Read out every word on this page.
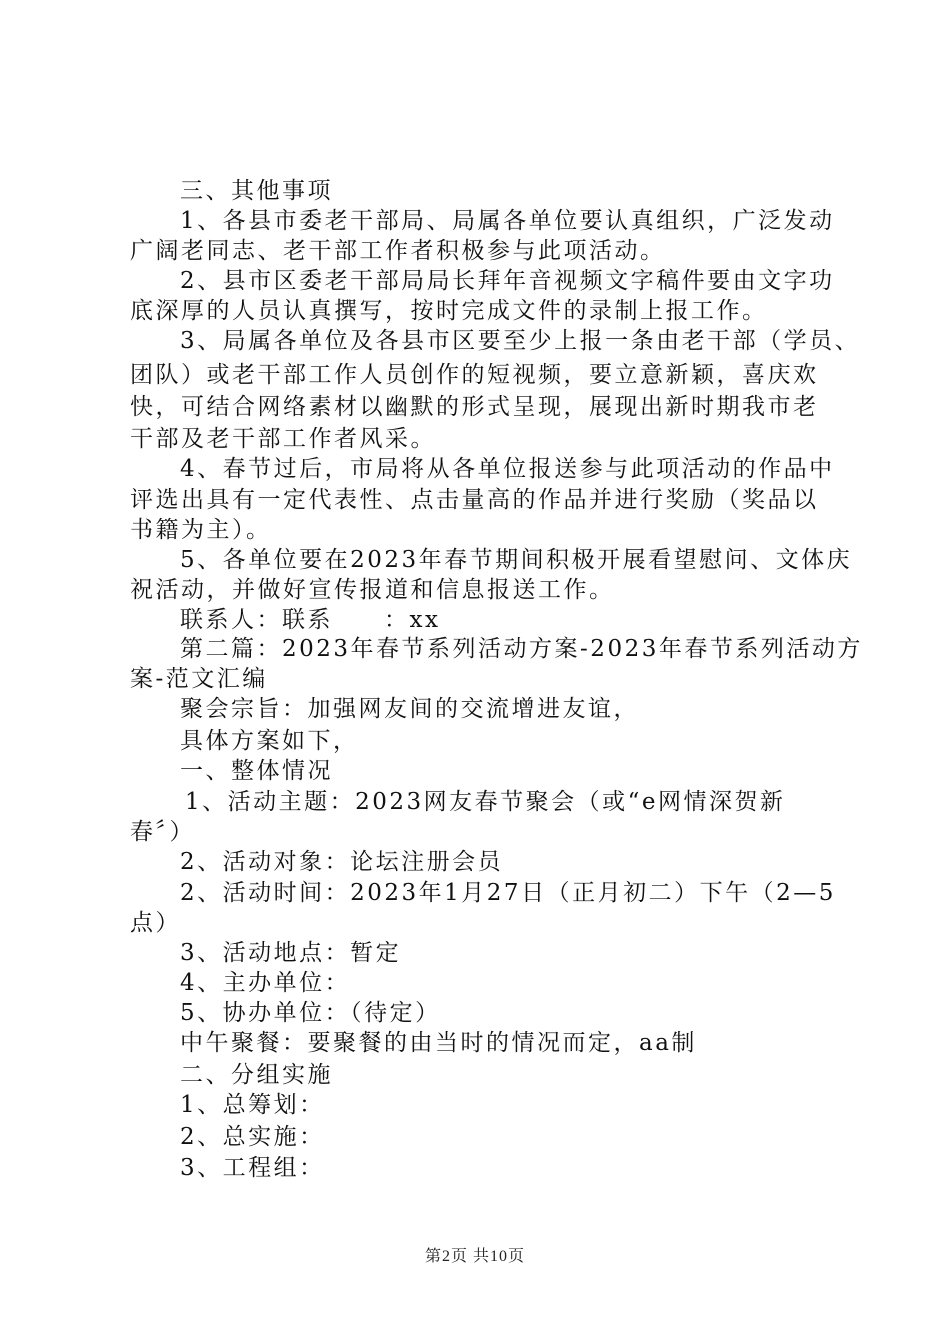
三、其他事项
1、各县市委老干部局、局属各单位要认真组织，广泛发动
广阔老同志、老干部工作者积极参与此项活动。
2、县市区委老干部局局长拜年音视频文字稿件要由文字功
底深厚的人员认真撰写，按时完成文件的录制上报工作。
3、局属各单位及各县市区要至少上报一条由老干部（学员、
团队）或老干部工作人员创作的短视频，要立意新颖，喜庆欢
快，可结合网络素材以幽默的形式呈现，展现出新时期我市老
干部及老干部工作者风采。
4、春节过后，市局将从各单位报送参与此项活动的作品中
评选出具有一定代表性、点击量高的作品并进行奖励（奖品以
书籍为主）。
5、各单位要在2023年春节期间积极开展看望慰问、文体庆
祝活动，并做好宣传报道和信息报送工作。
联系人：联系　　：xx
第二篇：2023年春节系列活动方案-2023年春节系列活动方
案-范文汇编
聚会宗旨：加强网友间的交流增进友谊，
具体方案如下，
一、整体情况
1、活动主题：2023网友春节聚会（或“e网情深贺新
春〞）
2、活动对象：论坛注册会员
2、活动时间：2023年1月27日（正月初二）下午（2—5
点）
3、活动地点：暂定
4、主办单位：
5、协办单位：（待定）
中午聚餐：要聚餐的由当时的情况而定，aa制
二、分组实施
1、总筹划：
2、总实施：
3、工程组：
第2页 共10页
